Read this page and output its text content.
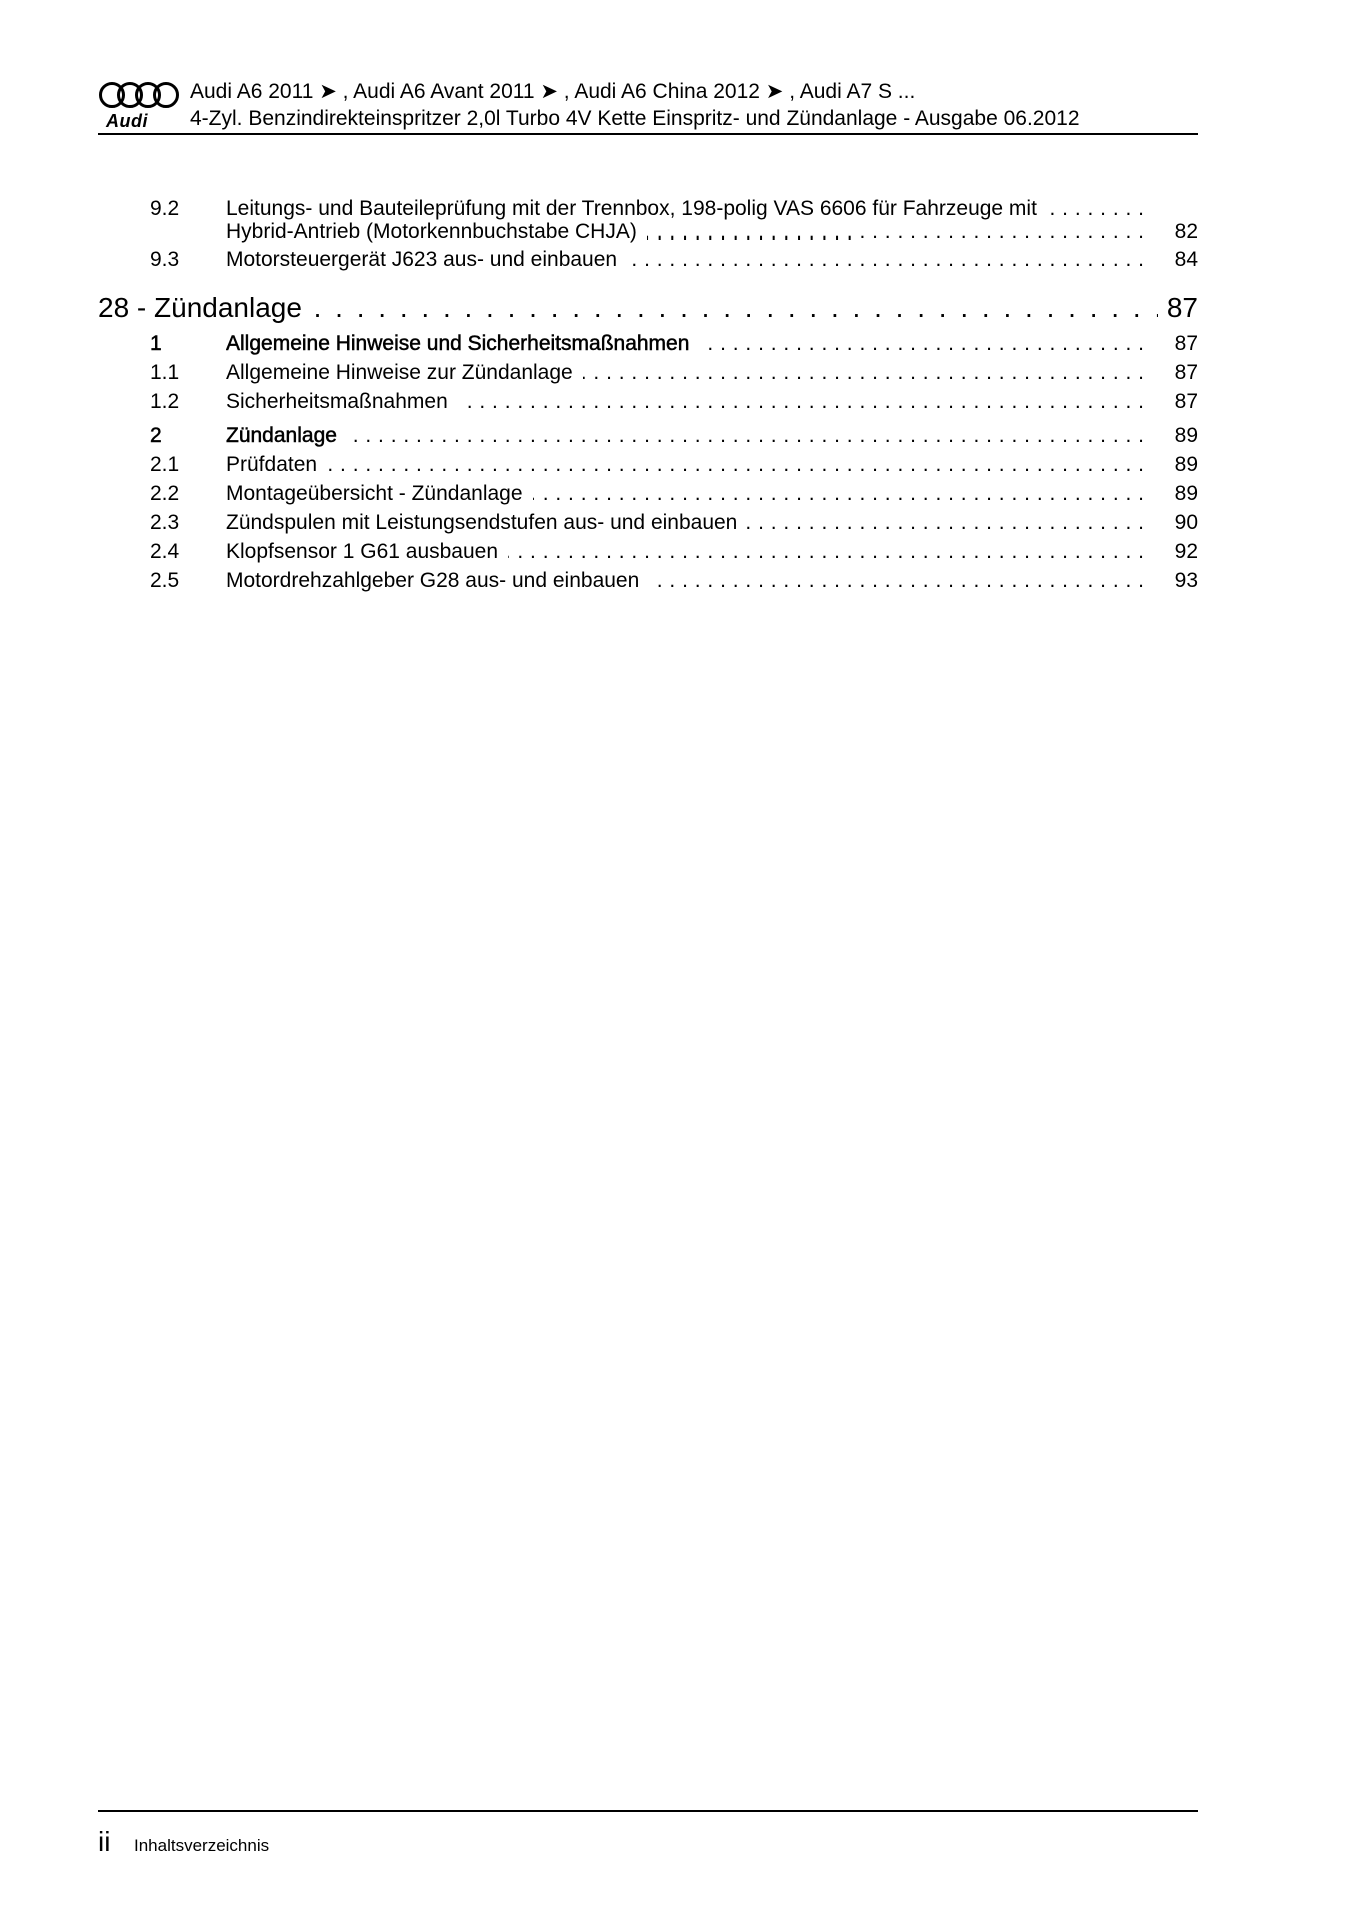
Audi
Audi A6 2011 ➤ , Audi A6 Avant 2011 ➤ , Audi A6 China 2012 ➤ , Audi A7 S ...
4-Zyl. Benzindirekteinspritzer 2,0l Turbo 4V Kette Einspritz- und Zündanlage - Ausgabe 06.2012
9.2 Leitungs- und Bauteileprüfung mit der Trennbox, 198-polig VAS 6606 für Fahrzeuge mit . . .
Hybrid-Antrieb (Motorkennbuchstabe CHJA) . . .	82
9.3 Motorsteuergerät J623 aus- und einbauen . . .	84
28 - Zündanlage . . .	87
1	Allgemeine Hinweise und Sicherheitsmaßnahmen . . .	87
1.1 Allgemeine Hinweise zur Zündanlage . . .	87
1.2 Sicherheitsmaßnahmen . . .	87
2	Zündanlage . . .	89
2.1 Prüfdaten . . .	89
2.2 Montageübersicht - Zündanlage . . .	89
2.3 Zündspulen mit Leistungsendstufen aus- und einbauen . . .	90
2.4 Klopfsensor 1 G61 ausbauen . . .	92
2.5 Motordrehzahlgeber G28 aus- und einbauen . . .	93
ii Inhaltsverzeichnis
